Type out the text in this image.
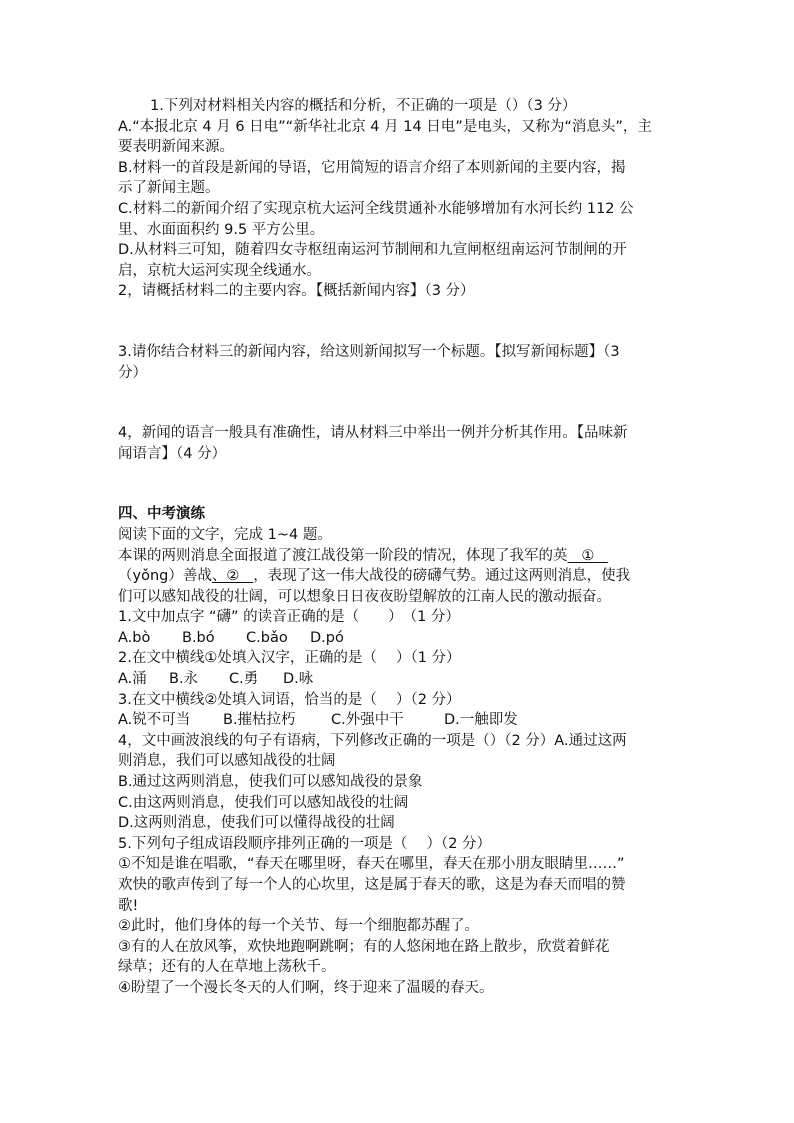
1.下列对材料相关内容的概括和分析，不正确的一项是（）（3 分）

A.“本报北京 4 月 6 日电”“新华社北京 4 月 14 日电”是电头，又称为“消息头”，主

要表明新闻来源。

B.材料一的首段是新闻的导语，它用简短的语言介绍了本则新闻的主要内容，揭

示了新闻主题。

C.材料二的新闻介绍了实现京杭大运河全线贯通补水能够增加有水河长约 112 公

里、水面面积约 9.5 平方公里。

D.从材料三可知，随着四女寺枢纽南运河节制闸和九宣闸枢纽南运河节制闸的开

启，京杭大运河实现全线通水。

2，请概括材料二的主要内容。【概括新闻内容】（3 分）

3.请你结合材料三的新闻内容，给这则新闻拟写一个标题。【拟写新闻标题】（3

分）

4，新闻的语言一般具有准确性，请从材料三中举出一例并分析其作用。【品味新

闻语言】（4 分）

四、中考演练

阅读下面的文字，完成 1~4 题。

本课的两则消息全面报道了渡江战役第一阶段的情况，体现了我军的英   ①

（yǒng）善战、②   ，表现了这一伟大战役的磅礴气势。通过这两则消息，使我

们可以感知战役的壮阔，可以想象日日夜夜盼望解放的江南人民的激动振奋。

1.文中加点字 “礴” 的读音正确的是（　　）　（1 分）

A.bò B.bó C.bǎo D.pó

2.在文中横线①处填入汉字，正确的是（　 ）（1 分）

A.涌 B.永 C.勇 D.咏

3.在文中横线②处填入词语，恰当的是（　 ）（2 分）

A.锐不可当 B.摧枯拉朽 C.外强中干	D.一触即发

4，文中画波浪线的句子有语病，下列修改正确的一项是（）（2 分）A.通过这两

则消息，我们可以感知战役的壮阔

B.通过这两则消息，使我们可以感知战役的景象

C.由这两则消息，使我们可以感知战役的壮阔

D.这两则消息，使我们可以懂得战役的壮阔

5.下列句子组成语段顺序排列正确的一项是（　 ）（2 分）

①不知是谁在唱歌，“春天在哪里呀，春天在哪里，春天在那小朋友眼睛里……”

欢快的歌声传到了每一个人的心坎里，这是属于春天的歌，这是为春天而唱的赞

歌!

②此时，他们身体的每一个关节、每一个细胞都苏醒了。

③有的人在放风筝，欢快地跑啊跳啊；有的人悠闲地在路上散步，欣赏着鲜花

绿草；还有的人在草地上荡秋千。

④盼望了一个漫长冬天的人们啊，终于迎来了温暖的春天。
